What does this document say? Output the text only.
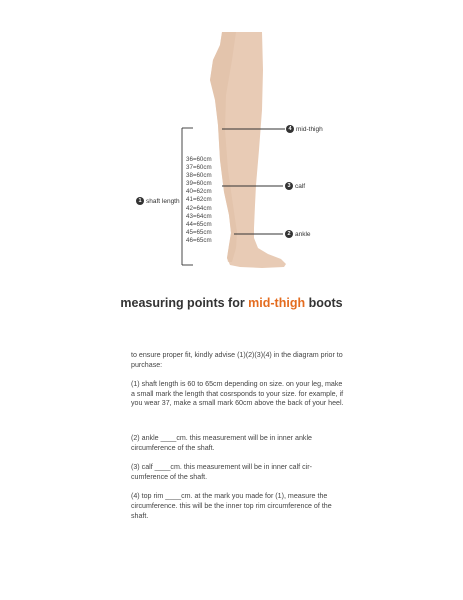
36=60cm
37=60cm
38=60cm
39=60cm
40=62cm
41=62cm
42=64cm
43=64cm
44=65cm
45=65cm
46=65cm
1 shaft length
4 mid-thigh
3 calf
2 ankle
measuring points for mid-thigh boots

to ensure proper fit, kindly advise (1)(2)(3)(4) in the diagram prior to purchase:

(1) shaft length is 60 to 65cm depending on size. on your leg, make a small mark the length that cosrsponds to your size. for example, if you wear 37, make a small mark 60cm above the back of your heel.

(2) ankle ____cm. this measurement will be in inner ankle circumference of the shaft.

(3) calf ____cm. this measurement will be in inner calf cir-cumference of the shaft.

(4) top rim ____cm. at the mark you made for (1), measure the circumference. this will be the inner top rim circumference of the shaft.
